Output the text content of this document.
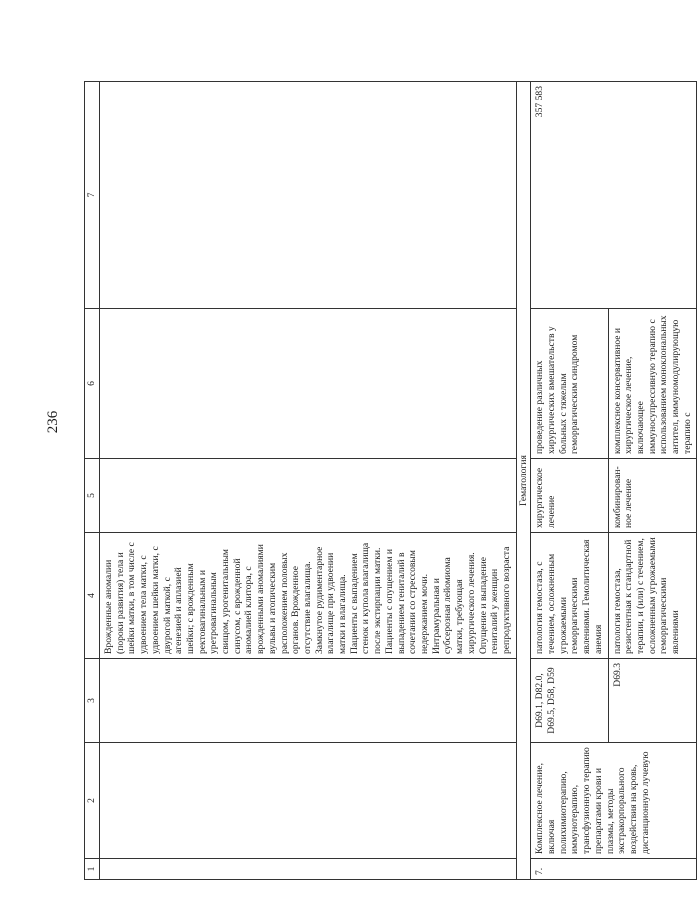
236
1	2	3	4	5	6	7
			Врожденные аномалии (пороки развития) тела и шейки матки, в том числе с удвоением тела матки, с удвоением шейки матки, с двурогой маткой, с агенезией и аплазией шейки; с врожденным ректовагинальным и уретровагинальным свищом, урогенитальным синусом, с врожденной аномалией клитора, с врожденными аномалиями вульвы и атопическим расположением половых органов. Врожденное отсутствие влагалища. Замкнутое рудиментарное влагалище при удвоении матки и влагалища. Пациенты с выпадением стенок и купола влагалища после экстирпации матки. Пациенты с опущением и выпадением гениталий в сочетании со стрессовым недержанием мочи. Интрамуральная и субсерозная лейомиома матки, требующая хирургического лечения. Опущение и выпадение гениталий у женщин репродуктивного возраста			
Гематология						
7.	Комплексное лечение, включая полихимиотерапию, иммунотерапию, трансфузионную терапию препаратами крови и плазмы, методы экстракорпорального воздействия на кровь, дистанционную лучевую	D69.1, D82.0, D69.5, D58, D59	патология гемостаза, с течением, осложненным угрожаемыми геморрагическими явлениями. Гемолитическая анемия	хирургическое лечение	проведение различных хирургических вмешательств у больных с тяжелым геморрагическим синдромом	357 583
		D69.3	патология гемостаза, резистентная к стандартной терапии, и (или) с течением, осложненным угрожаемыми геморрагическими явлениями	комбинирован-ное лечение	комплексное консервативное и хирургическое лечение, включающее иммуносупрессивную терапию с использованием моноклональных антител, иммуномодулирующую терапию с	
